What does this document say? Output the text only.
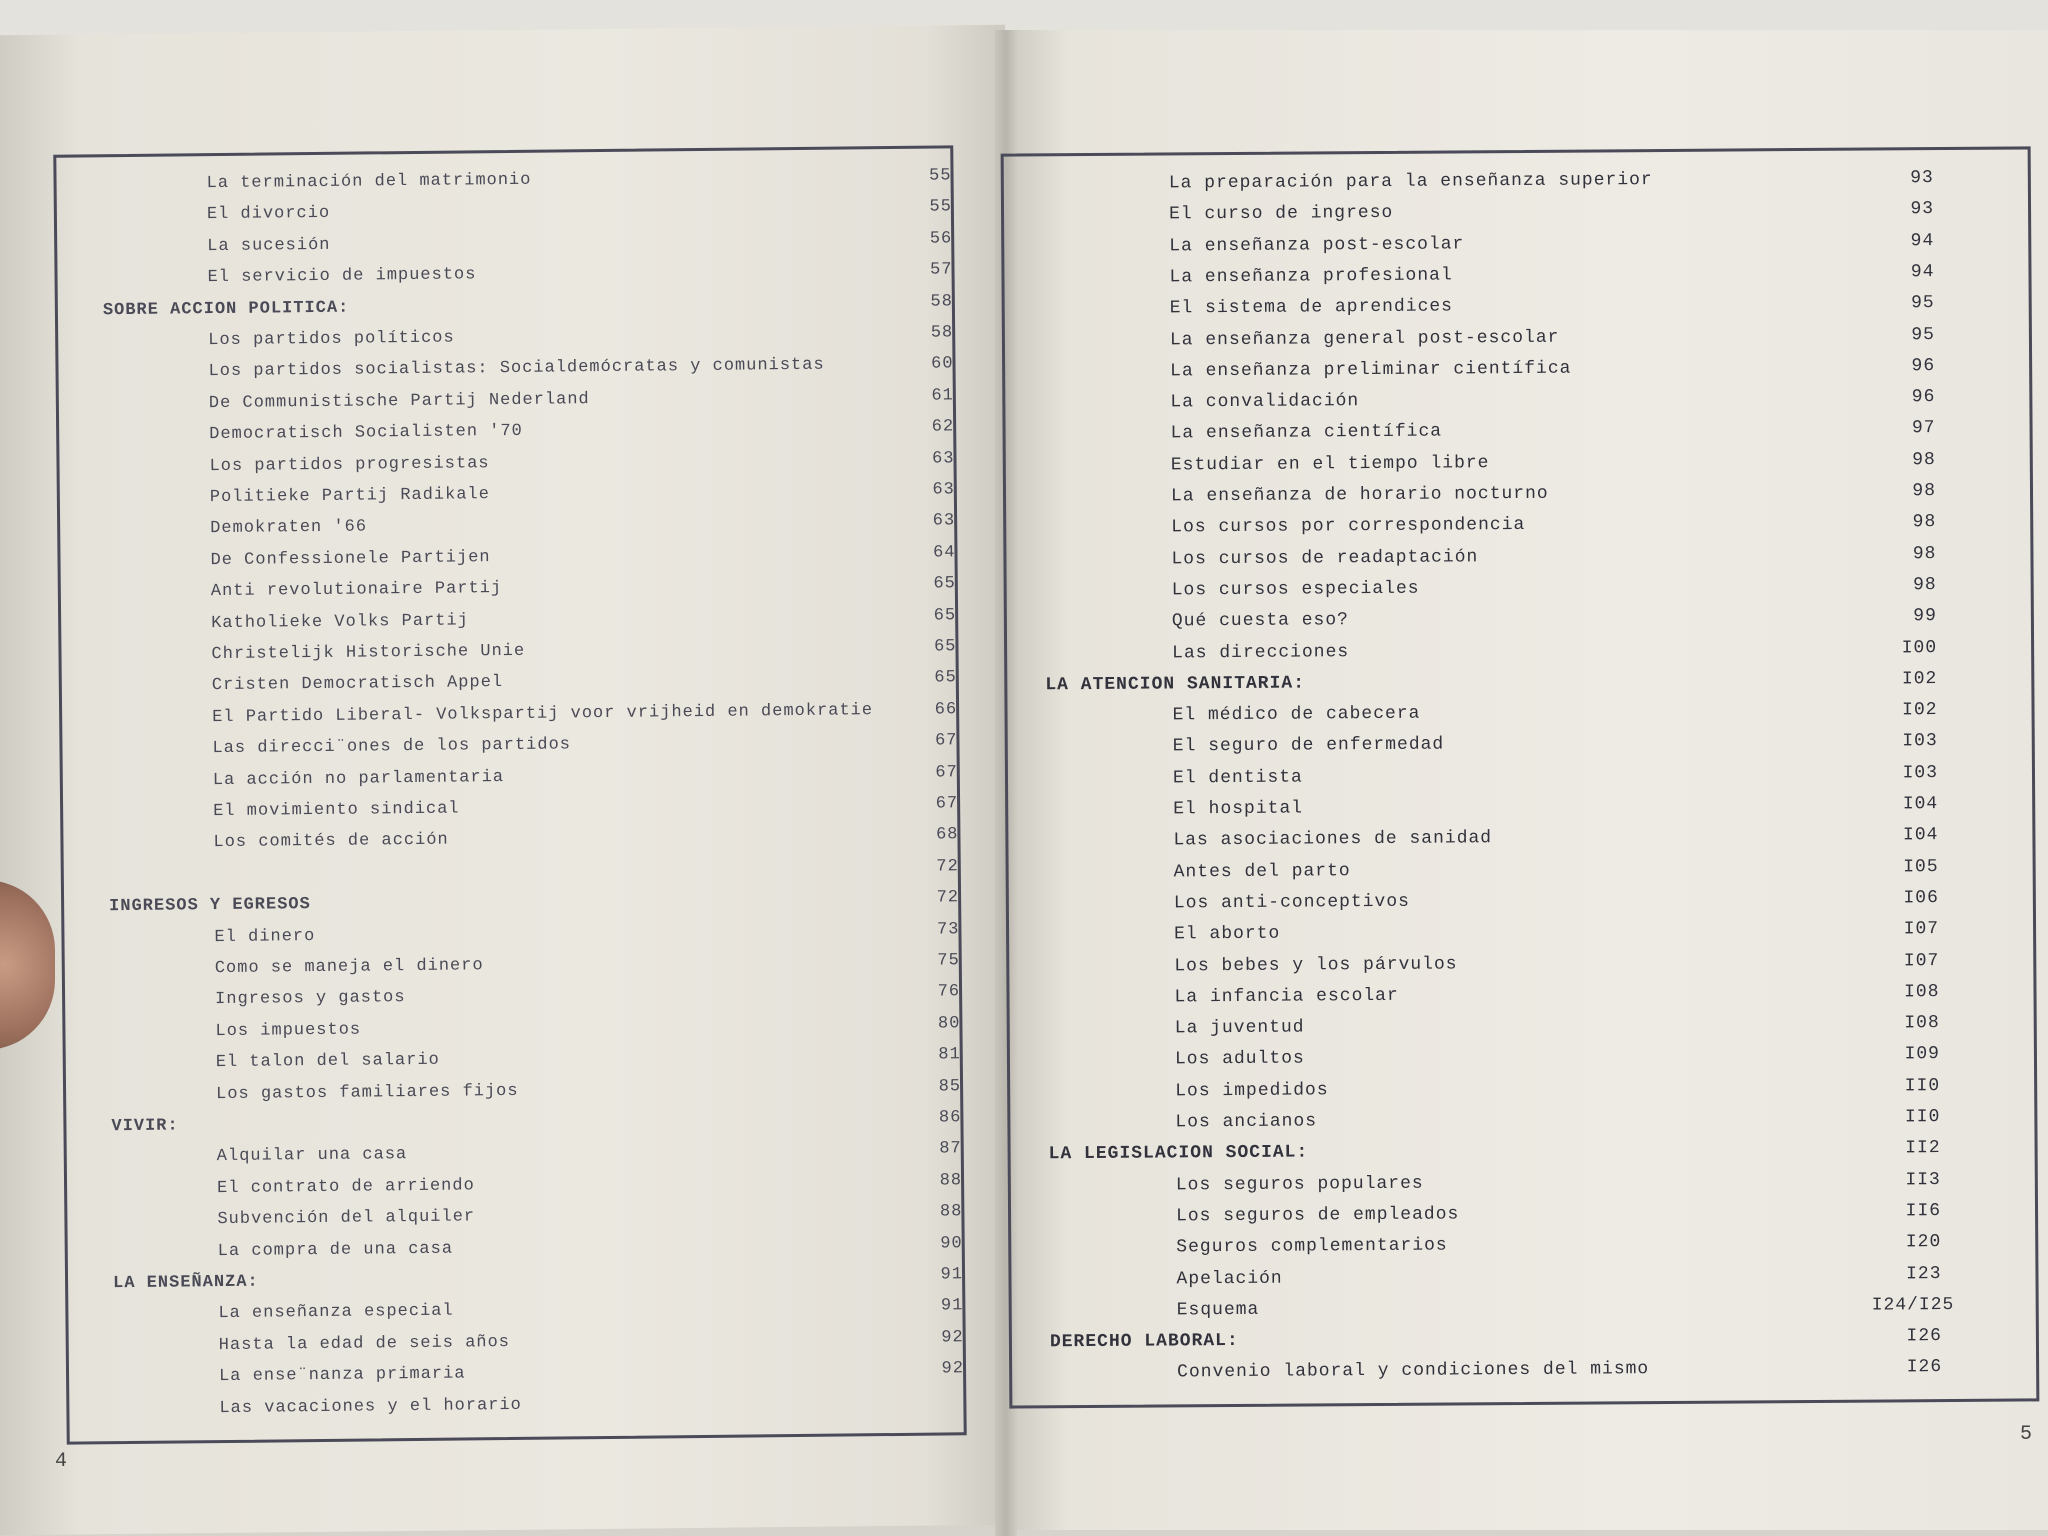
La terminación del matrimonio	55
El divorcio	55
La sucesión	56
El servicio de impuestos	57
SOBRE ACCION POLITICA:	58
Los partidos políticos	58
Los partidos socialistas: Socialdemócratas y comunistas	60
De Communistische Partij Nederland	61
Democratisch Socialisten '70	62
Los partidos progresistas	63
Politieke Partij Radikale	63
Demokraten '66	63
De Confessionele Partijen	64
Anti revolutionaire Partij	65
Katholieke Volks Partij	65
Christelijk Historische Unie	65
Cristen Democratisch Appel	65
El Partido Liberal- Volkspartij voor vrijheid en demokratie	66
Las direcci¨ones de los partidos	67
La acción no parlamentaria	67
El movimiento sindical	67
Los comités de acción	68
72
INGRESOS Y EGRESOS	72
El dinero	73
Como se maneja el dinero	75
Ingresos y gastos	76
Los impuestos	80
El talon del salario	81
Los gastos familiares fijos	85
VIVIR:	86
Alquilar una casa	87
El contrato de arriendo	88
Subvención del alquiler	88
La compra de una casa	90
LA ENSEÑANZA:	91
La enseñanza especial	91
Hasta la edad de seis años	92
La ense¨nanza primaria	92
Las vacaciones y el horario
La preparación para la enseñanza superior	93
El curso de ingreso	93
La enseñanza post-escolar	94
La enseñanza profesional	94
El sistema de aprendices	95
La enseñanza general post-escolar	95
La enseñanza preliminar científica	96
La convalidación	96
La enseñanza científica	97
Estudiar en el tiempo libre	98
La enseñanza de horario nocturno	98
Los cursos por correspondencia	98
Los cursos de readaptación	98
Los cursos especiales	98
Qué cuesta eso?	99
Las direcciones	I00
LA ATENCION SANITARIA:	I02
El médico de cabecera	I02
El seguro de enfermedad	I03
El dentista	I03
El hospital	I04
Las asociaciones de sanidad	I04
Antes del parto	I05
Los anti-conceptivos	I06
El aborto	I07
Los bebes y los párvulos	I07
La infancia escolar	I08
La juventud	I08
Los adultos	I09
Los impedidos	II0
Los ancianos	II0
LA LEGISLACION SOCIAL:	II2
Los seguros populares	II3
Los seguros de empleados	II6
Seguros complementarios	I20
Apelación	I23
Esquema	I24/I25
DERECHO LABORAL:	I26
Convenio laboral y condiciones del mismo	I26
4
5
